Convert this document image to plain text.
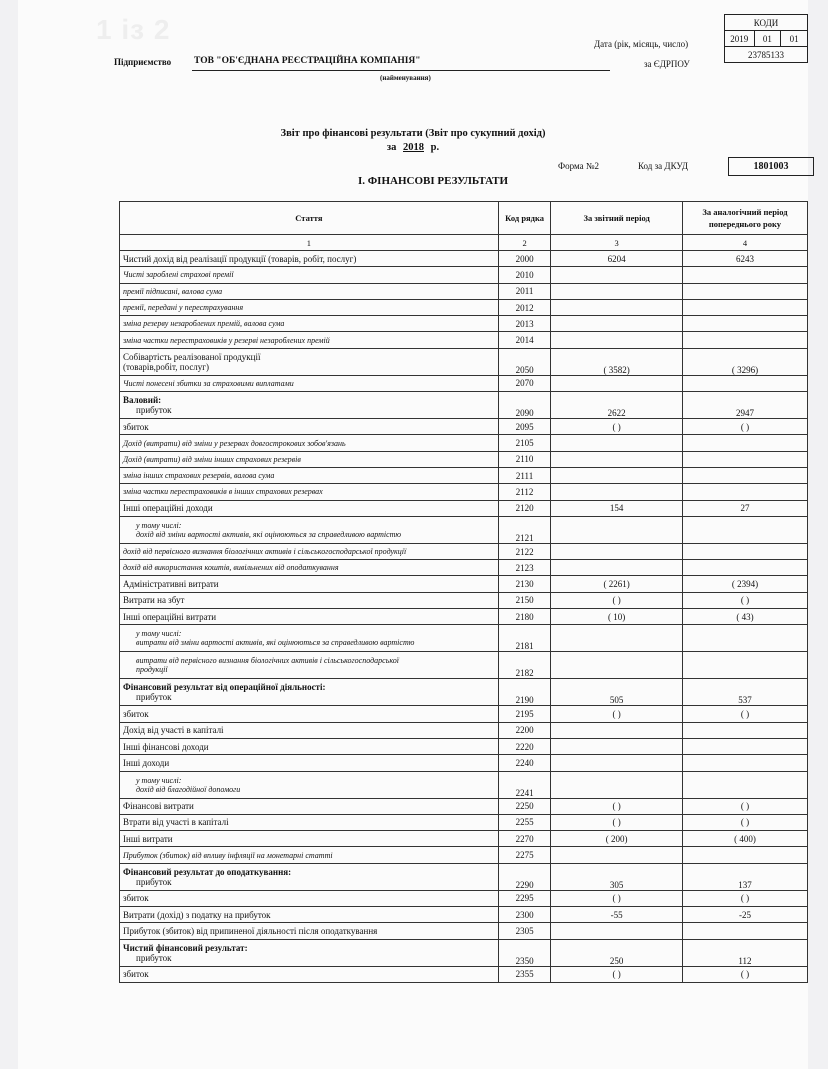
1 із 2	КОДИ
2019	01	01
23785133
Дата (рік, місяць, число)
Підприємство ТОВ "ОБ'ЄДНАНА РЕЄСТРАЦІЙНА КОМПАНІЯ"
(найменування)
за ЄДРПОУ
Звіт про фінансові результати (Звіт про сукупний дохід)
за 2018 р.
Форма №2	Код за ДКУД	1801003
І. ФІНАНСОВІ РЕЗУЛЬТАТИ
Стаття	Код рядка	За звітний період	За аналогічний період попереднього року
1	2	3	4

Чистий дохід від реалізації продукції (товарів, робіт, послуг)	2000	6204	6243

Чисті зароблені страхові премії	2010		

премії підписані, валова сума	2011		

премії, передані у перестрахування	2012		

зміна резерву незароблених премій, валова сума	2013		

зміна частки перестраховиків у резерві незароблених премій	2014		

Собівартість реалізованої продукції
(товарів,робіт, послуг)	2050	( 3582)	( 3296)

Чисті понесені збитки за страховими виплатами	2070		

Валовий:
прибуток	2090	2622	2947

збиток	2095	( )	( )

Дохід (витрати) від зміни у резервах довгострокових зобов'язань	2105		

Дохід (витрати) від зміни інших страхових резервів	2110		

зміна інших страхових резервів, валова сума	2111		

зміна частки перестраховиків в інших страхових резервах	2112		

Інші операційні доходи	2120	154	27

у тому числі:
дохід від зміни вартості активів, які оцінюються за справедливою вартістю	2121		

дохід від первісного визнання біологічних активів і сільськогосподарської продукції	2122		

дохід від використання коштів, вивільнених від оподаткування	2123		

Адміністративні витрати	2130	( 2261)	( 2394)

Витрати на збут	2150	( )	( )

Інші операційні витрати	2180	( 10)	( 43)

у тому числі:
витрати від зміни вартості активів, які оцінюються за справедливою вартістю	2181		

витрати від первісного визнання біологічних активів і сільськогосподарської
продукції	2182		

Фінансовий результат від операційної діяльності:
прибуток	2190	505	537

збиток	2195	( )	( )

Дохід від участі в капіталі	2200		

Інші фінансові доходи	2220		

Інші доходи	2240		

у тому числі:
дохід від благодійної допомоги	2241		

Фінансові витрати	2250	( )	( )

Втрати від участі в капіталі	2255	( )	( )

Інші витрати	2270	( 200)	( 400)

Прибуток (збиток) від впливу інфляції на монетарні статті	2275		

Фінансовий результат до оподаткування:
прибуток	2290	305	137

збиток	2295	( )	( )

Витрати (дохід) з податку на прибуток	2300	-55	-25

Прибуток (збиток) від припиненої діяльності після оподаткування	2305		

Чистий фінансовий результат:
прибуток	2350	250	112

збиток	2355	( )	( )
